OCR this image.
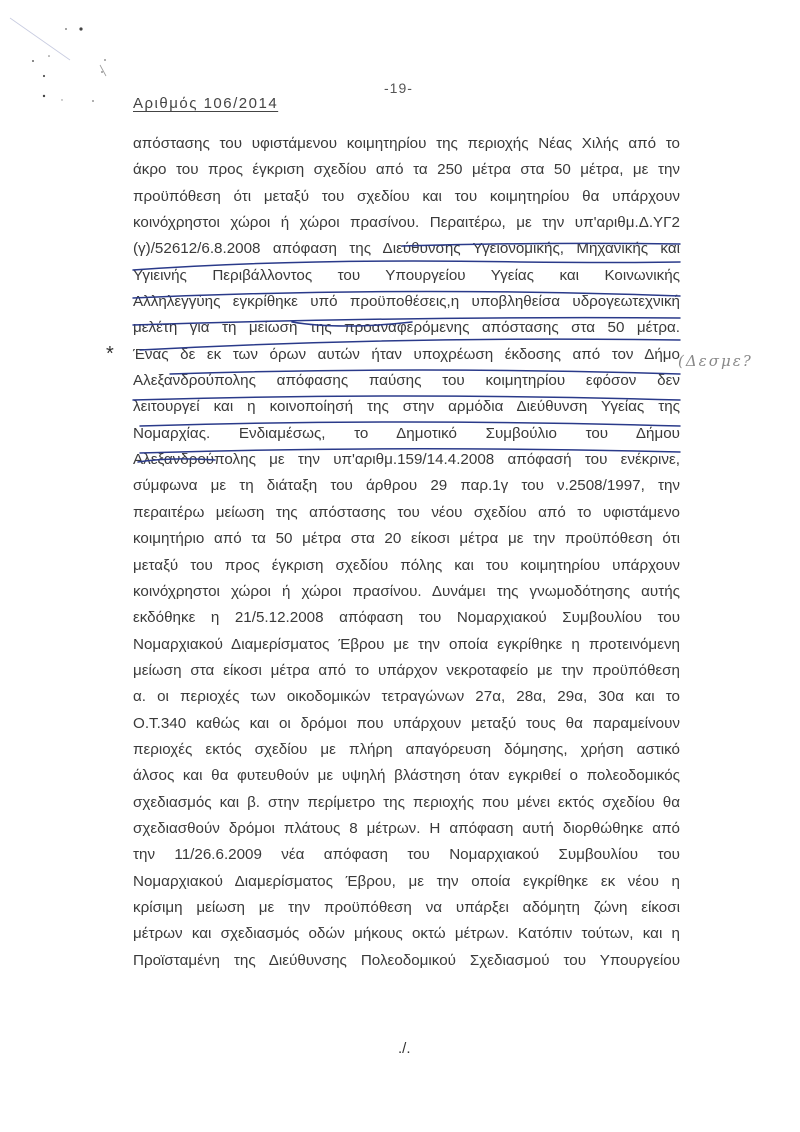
-19-
Αριθμός 106/2014
απόστασης του υφιστάμενου κοιμητηρίου της περιοχής Νέας Χιλής από το
άκρο του προς έγκριση σχεδίου από τα 250 μέτρα στα 50 μέτρα, με την
προϋπόθεση ότι μεταξύ του σχεδίου και του κοιμητηρίου θα υπάρχουν
κοινόχρηστοι χώροι ή χώροι πρασίνου. Περαιτέρω, με την υπ'αριθμ.Δ.ΥΓ2
(γ)/52612/6.8.2008 απόφαση της Διεύθυνσης Υγειονομικής, Μηχανικής και
Υγιεινής Περιβάλλοντος του Υπουργείου Υγείας και Κοινωνικής
Αλληλεγγύης εγκρίθηκε υπό προϋποθέσεις,η υποβληθείσα υδρογεωτεχνική
μελέτη για τη μείωση της προαναφερόμενης απόστασης στα 50 μέτρα.
Ένας δε εκ των όρων αυτών ήταν υποχρέωση έκδοσης από τον Δήμο
Αλεξανδρούπολης απόφασης παύσης του κοιμητηρίου εφόσον δεν
λειτουργεί και η κοινοποίησή της στην αρμόδια Διεύθυνση Υγείας της
Νομαρχίας. Ενδιαμέσως, το Δημοτικό Συμβούλιο του Δήμου
Αλεξανδρούπολης με την υπ'αριθμ.159/14.4.2008 απόφασή του ενέκρινε,
σύμφωνα με τη διάταξη του άρθρου 29 παρ.1γ του ν.2508/1997, την
περαιτέρω μείωση της απόστασης του νέου σχεδίου από το υφιστάμενο
κοιμητήριο από τα 50 μέτρα στα 20 είκοσι μέτρα με την προϋπόθεση ότι
μεταξύ του προς έγκριση σχεδίου πόλης και του κοιμητηρίου υπάρχουν
κοινόχρηστοι χώροι ή χώροι πρασίνου. Δυνάμει της γνωμοδότησης αυτής
εκδόθηκε η 21/5.12.2008 απόφαση του Νομαρχιακού Συμβουλίου του
Νομαρχιακού Διαμερίσματος Έβρου με την οποία εγκρίθηκε η προτεινόμενη
μείωση στα είκοσι μέτρα από το υπάρχον νεκροταφείο με την προϋπόθεση
α. οι περιοχές των οικοδομικών τετραγώνων 27α, 28α, 29α, 30α και το
Ο.Τ.340 καθώς και οι δρόμοι που υπάρχουν μεταξύ τους θα παραμείνουν
περιοχές εκτός σχεδίου με πλήρη απαγόρευση δόμησης, χρήση αστικό
άλσος και θα φυτευθούν με υψηλή βλάστηση όταν εγκριθεί ο πολεοδομικός
σχεδιασμός και β. στην περίμετρο της περιοχής που μένει εκτός σχεδίου θα
σχεδιασθούν δρόμοι πλάτους 8 μέτρων. Η απόφαση αυτή διορθώθηκε από
την 11/26.6.2009 νέα απόφαση του Νομαρχιακού Συμβουλίου του
Νομαρχιακού Διαμερίσματος Έβρου, με την οποία εγκρίθηκε εκ νέου η
κρίσιμη μείωση με την προϋπόθεση να υπάρξει αδόμητη ζώνη είκοσι
μέτρων και σχεδιασμός οδών μήκους οκτώ μέτρων. Κατόπιν τούτων, και η
Προϊσταμένη της Διεύθυνσης Πολεοδομικού Σχεδιασμού του Υπουργείου
*	(Δεσμε?
./.
